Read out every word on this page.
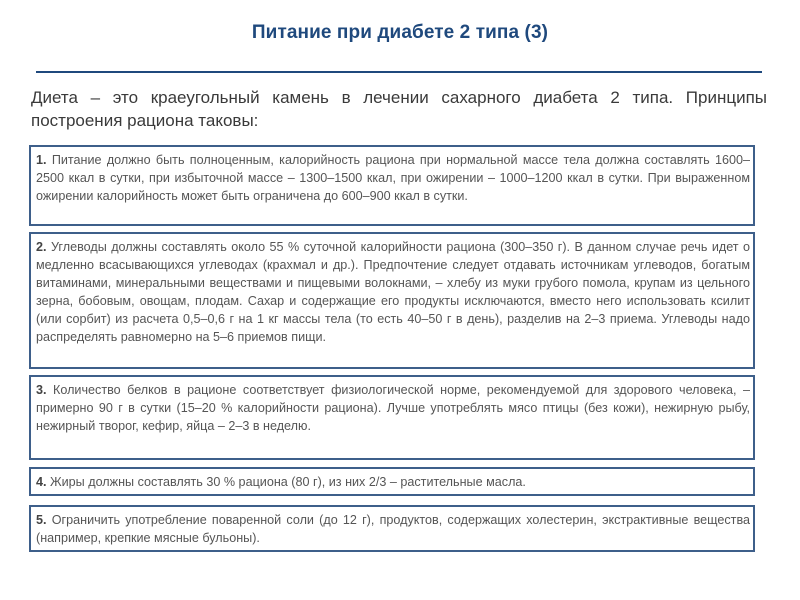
Питание при диабете 2 типа (3)
Диета – это краеугольный камень в лечении сахарного диабета 2 типа. Принципы построения рациона таковы:
1. Питание должно быть полноценным, калорийность рациона при нормальной массе тела должна составлять 1600–2500 ккал в сутки, при избыточной массе – 1300–1500 ккал, при ожирении – 1000–1200 ккал в сутки. При выраженном ожирении калорийность может быть ограничена до 600–900 ккал в сутки.
2. Углеводы должны составлять около 55 % суточной калорийности рациона (300–350 г). В данном случае речь идет о медленно всасывающихся углеводах (крахмал и др.). Предпочтение следует отдавать источникам углеводов, богатым витаминами, минеральными веществами и пищевыми волокнами, – хлебу из муки грубого помола, крупам из цельного зерна, бобовым, овощам, плодам. Сахар и содержащие его продукты исключаются, вместо него использовать ксилит (или сорбит) из расчета 0,5–0,6 г на 1 кг массы тела (то есть 40–50 г в день), разделив на 2–3 приема. Углеводы надо распределять равномерно на 5–6 приемов пищи.
3. Количество белков в рационе соответствует физиологической норме, рекомендуемой для здорового человека, – примерно 90 г в сутки (15–20 % калорийности рациона). Лучше употреблять мясо птицы (без кожи), нежирную рыбу, нежирный творог, кефир, яйца – 2–3 в неделю.
4. Жиры должны составлять 30 % рациона (80 г), из них 2/3 – растительные масла.
5. Ограничить употребление поваренной соли (до 12 г), продуктов, содержащих холестерин, экстрактивные вещества (например, крепкие мясные бульоны).
